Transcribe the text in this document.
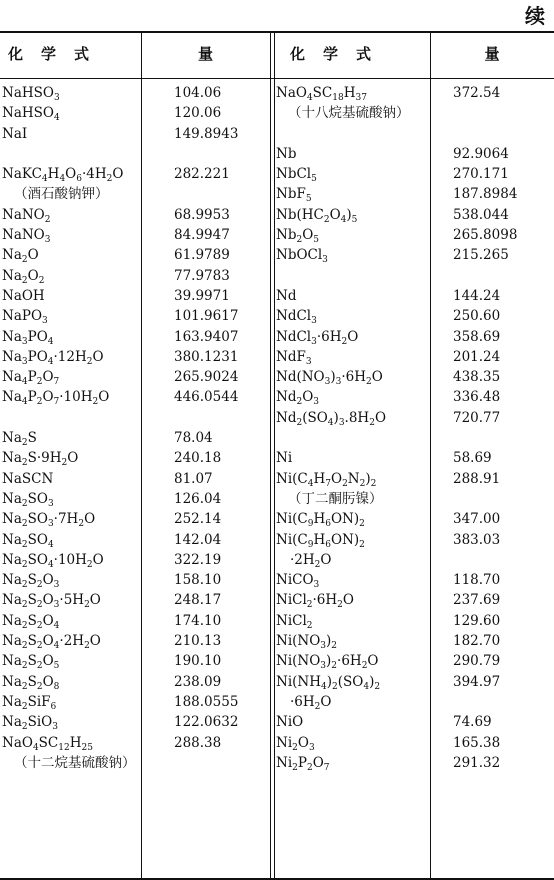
续
化学式	量	化学式	量
NaHSO$_3$	104.06
NaHSO$_4$	120.06
NaI	149.8943
$NaKC_4H_4O_6\cdot 4H_2O$	282.221
（酒石酸钠钾）
NaNO$_2$	68.9953
NaNO$_3$	84.9947
$Na_2O$	61.9789
$Na_2O_2$	77.9783
NaOH	39.9971
NaPO$_3$	101.9617
$Na_3PO_4$	163.9407
$Na_3PO_4\cdot 12H_2O$	380.1231
$Na_4P_2O_7$	265.9024
$Na_4P_2O_7\cdot 10H_2O$	446.0544
$Na_2S$	78.04
$Na_2S\cdot 9H_2O$	240.18
NaSCN	81.07
$Na_2SO_3$	126.04
$Na_2SO_3\cdot 7H_2O$	252.14
$Na_2SO_4$	142.04
$Na_2SO_4\cdot 10H_2O$	322.19
$Na_2S_2O_3$	158.10
$Na_2S_2O_3\cdot 5H_2O$	248.17
$Na_2S_2O_4$	174.10
$Na_2S_2O_4\cdot 2H_2O$	210.13
$Na_2S_2O_5$	190.10
$Na_2S_2O_8$	238.09
$Na_2SiF_6$	188.0555
$Na_2SiO_3$	122.0632
$NaO_4SC_{12}H_{25}$	288.38
（十二烷基硫酸钠）
$NaO_4SC_{18}H_{37}$	372.54
（十八烷基硫酸钠）
Nb	92.9064
NbCl$_5$	270.171
NbF$_5$	187.8984
$Nb(HC_2O_4)_5$	538.044
$Nb_2O_5$	265.8098
NbOCl$_3$	215.265
Nd	144.24
NdCl$_3$	250.60
$NdCl_3\cdot 6H_2O$	358.69
NdF$_3$	201.24
$Nd(NO_3)_3\cdot 6H_2O$	438.35
$Nd_2O_3$	336.48
$Nd_2(SO_4)_3.8H_2O$	720.77
Ni	58.69
$Ni(C_4H_7O_2N_2)_2$	288.91
（丁二酮肟镍）
$Ni(C_9H_6ON)_2$	347.00
$Ni(C_9H_6ON)_2$	383.03
$\cdot 2H_2O$
NiCO$_3$	118.70
$NiCl_2\cdot 6H_2O$	237.69
NiCl$_2$	129.60
$Ni(NO_3)_2$	182.70
$Ni(NO_3)_2\cdot 6H_2O$	290.79
$Ni(NH_4)_2(SO_4)_2$	394.97
$\cdot 6H_2O$
NiO	74.69
$Ni_2O_3$	165.38
$Ni_2P_2O_7$	291.32
